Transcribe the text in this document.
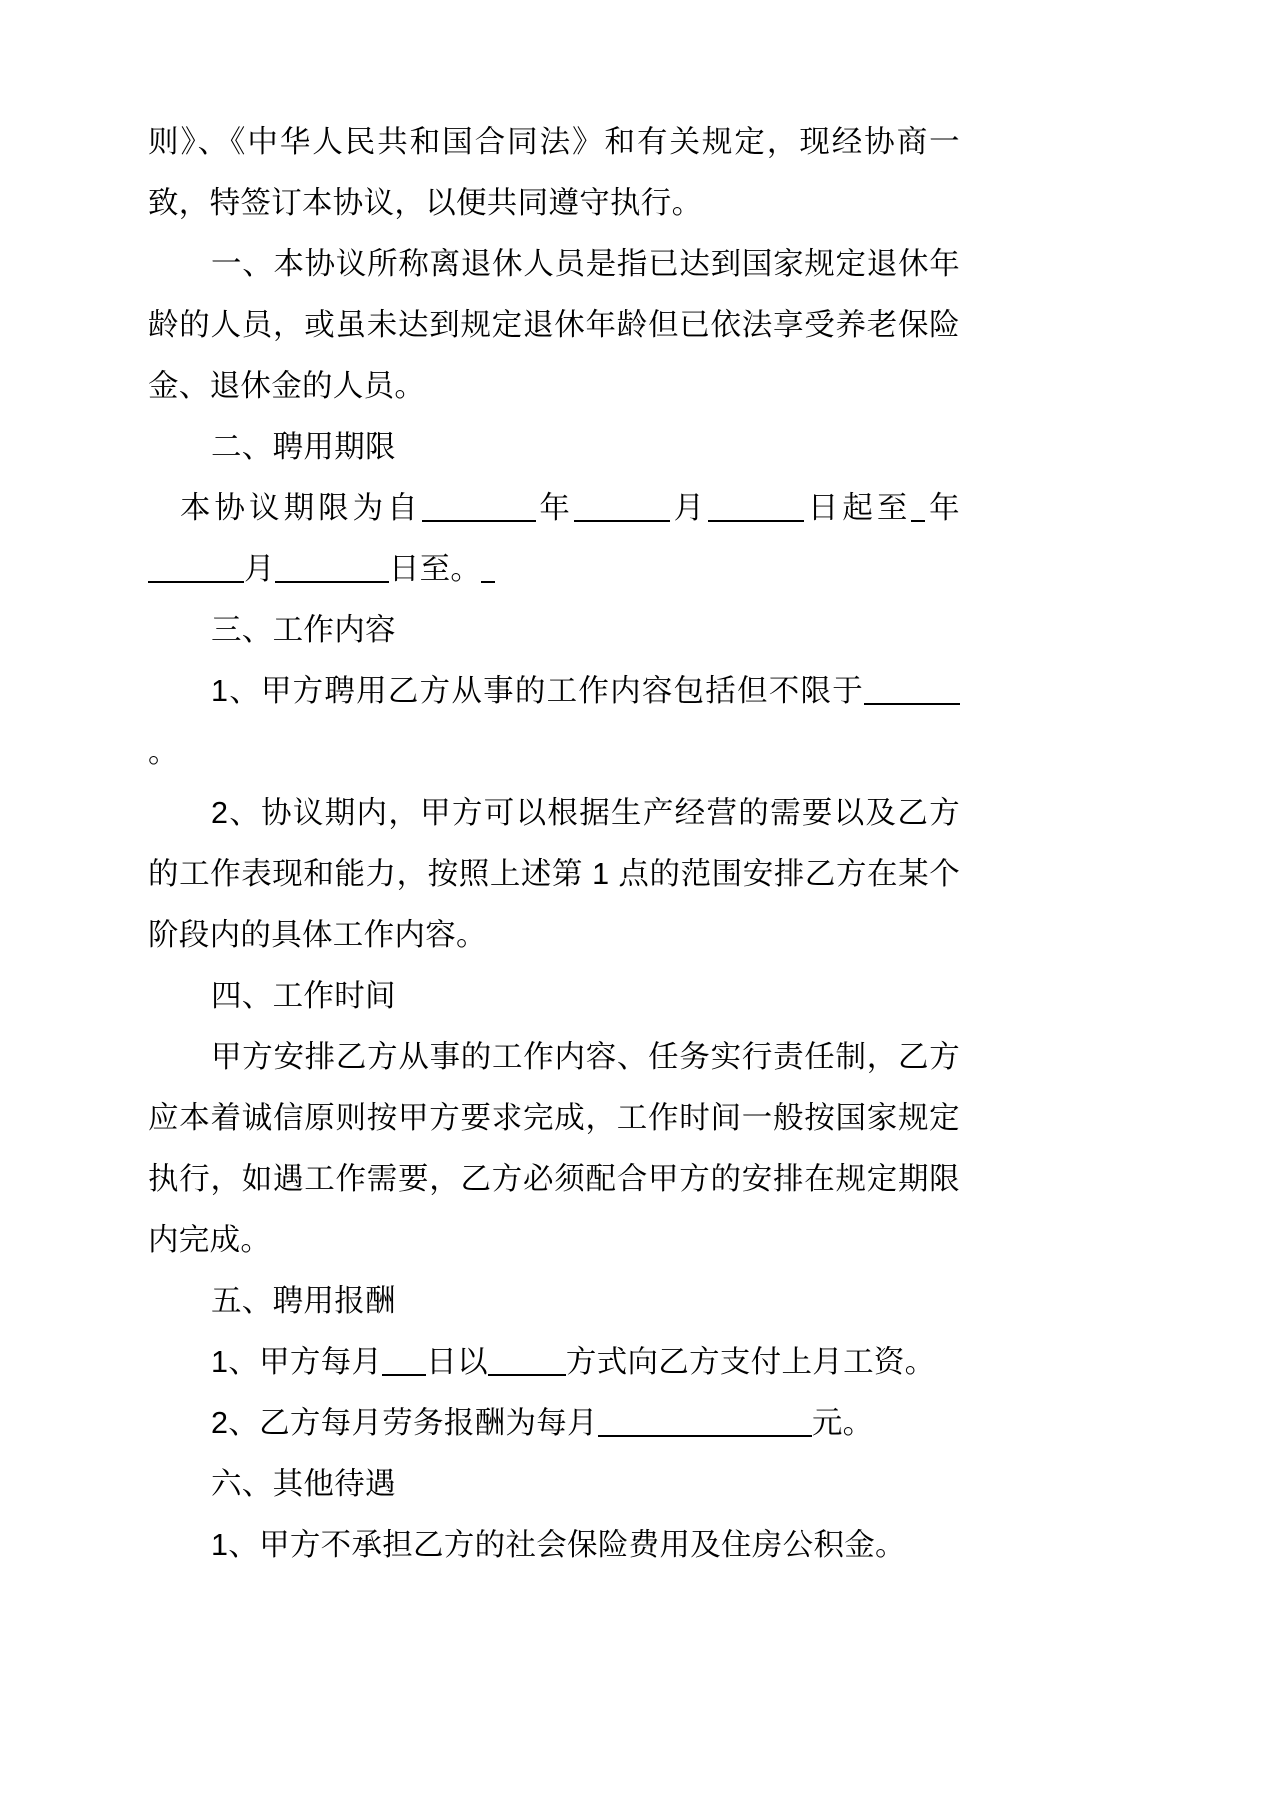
则》、《中华人民共和国合同法》和有关规定，现经协商一致，特签订本协议，以便共同遵守执行。

一、本协议所称离退休人员是指已达到国家规定退休年龄的人员，或虽未达到规定退休年龄但已依法享受养老保险金、退休金的人员。

二、聘用期限

本协议期限为自	年	月	日起至 年月	日至。

三、工作内容

1、甲方聘用乙方从事的工作内容包括但不限于。

2、协议期内，甲方可以根据生产经营的需要以及乙方的工作表现和能力，按照上述第 1 点的范围安排乙方在某个阶段内的具体工作内容。

四、工作时间

甲方安排乙方从事的工作内容、任务实行责任制，乙方应本着诚信原则按甲方要求完成，工作时间一般按国家规定执行，如遇工作需要，乙方必须配合甲方的安排在规定期限内完成。

五、聘用报酬

1、甲方每月 日以	方式向乙方支付上月工资。

2、乙方每月劳务报酬为每月	元。

六、其他待遇

1、甲方不承担乙方的社会保险费用及住房公积金。
